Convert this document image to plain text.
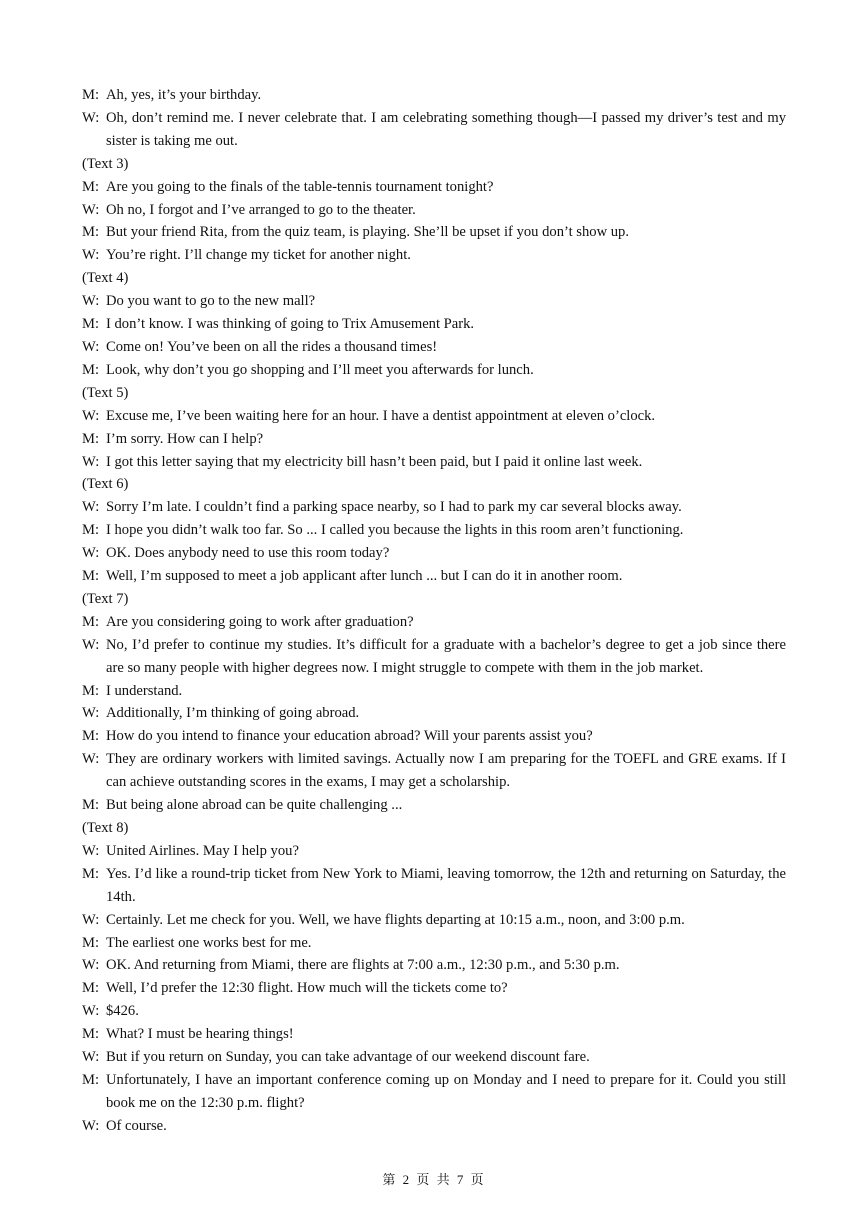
M: Ah, yes, it’s your birthday.
W: Oh, don’t remind me. I never celebrate that. I am celebrating something though—I passed my driver’s test and my sister is taking me out.
(Text 3)
M: Are you going to the finals of the table-tennis tournament tonight?
W: Oh no, I forgot and I’ve arranged to go to the theater.
M: But your friend Rita, from the quiz team, is playing. She’ll be upset if you don’t show up.
W: You’re right. I’ll change my ticket for another night.
(Text 4)
W: Do you want to go to the new mall?
M: I don’t know. I was thinking of going to Trix Amusement Park.
W: Come on! You’ve been on all the rides a thousand times!
M: Look, why don’t you go shopping and I’ll meet you afterwards for lunch.
(Text 5)
W: Excuse me, I’ve been waiting here for an hour. I have a dentist appointment at eleven o’clock.
M: I’m sorry. How can I help?
W: I got this letter saying that my electricity bill hasn’t been paid, but I paid it online last week.
(Text 6)
W: Sorry I’m late. I couldn’t find a parking space nearby, so I had to park my car several blocks away.
M: I hope you didn’t walk too far. So ... I called you because the lights in this room aren’t functioning.
W: OK. Does anybody need to use this room today?
M: Well, I’m supposed to meet a job applicant after lunch ... but I can do it in another room.
(Text 7)
M: Are you considering going to work after graduation?
W: No, I’d prefer to continue my studies. It’s difficult for a graduate with a bachelor’s degree to get a job since there are so many people with higher degrees now. I might struggle to compete with them in the job market.
M: I understand.
W: Additionally, I’m thinking of going abroad.
M: How do you intend to finance your education abroad? Will your parents assist you?
W: They are ordinary workers with limited savings. Actually now I am preparing for the TOEFL and GRE exams. If I can achieve outstanding scores in the exams, I may get a scholarship.
M: But being alone abroad can be quite challenging ...
(Text 8)
W: United Airlines. May I help you?
M: Yes. I’d like a round-trip ticket from New York to Miami, leaving tomorrow, the 12th and returning on Saturday, the 14th.
W: Certainly. Let me check for you. Well, we have flights departing at 10:15 a.m., noon, and 3:00 p.m.
M: The earliest one works best for me.
W: OK. And returning from Miami, there are flights at 7:00 a.m., 12:30 p.m., and 5:30 p.m.
M: Well, I’d prefer the 12:30 flight. How much will the tickets come to?
W: $426.
M: What? I must be hearing things!
W: But if you return on Sunday, you can take advantage of our weekend discount fare.
M: Unfortunately, I have an important conference coming up on Monday and I need to prepare for it. Could you still book me on the 12:30 p.m. flight?
W: Of course.
第 2 页 共 7 页
